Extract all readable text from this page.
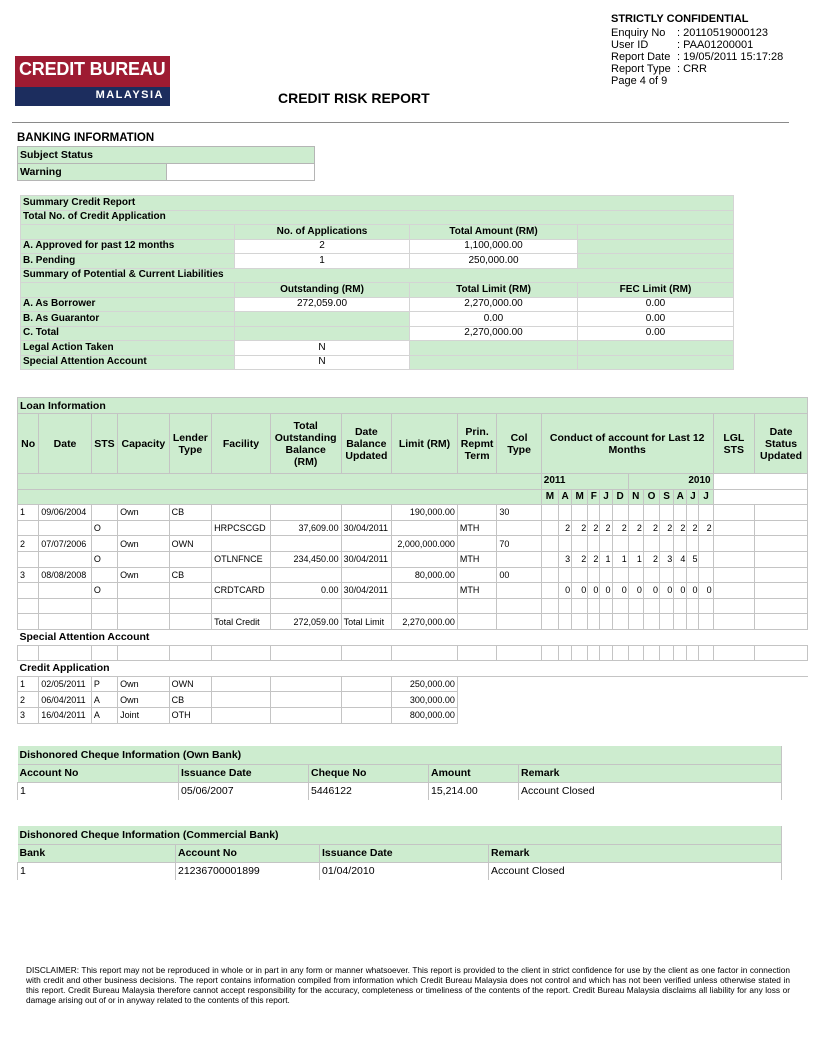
CREDIT BUREAU
MALAYSIA	CREDIT RISK REPORT
STRICTLY CONFIDENTIAL
Enquiry No	: 20110519000123
User ID	: PAA01200001
Report Date : 19/05/2011 15:17:28
Report Type : CRR
Page 4 of 9
BANKING INFORMATION
Subject Status
Warning	
Summary Credit Report			
Total No. of Credit Application			
	No. of Applications	Total Amount (RM)	
A. Approved for past 12 months	2	1,100,000.00	
B. Pending	1	250,000.00	
Summary of Potential & Current Liabilities			
	Outstanding (RM)	Total Limit (RM)	FEC Limit (RM)
A. As Borrower	272,059.00	2,270,000.00	0.00
B. As Guarantor		0.00	0.00
C. Total		2,270,000.00	0.00
Legal Action Taken	N		
Special Attention Account	N		
Loan Information																								
No	Date	STS	Capacity	Lender Type	Facility	Total Outstanding Balance (RM)	Date Balance Updated	Limit (RM)	Prin. Repmt Term	Col Type	Conduct of account for Last 12 Months												LGL STS	Date Status Updated
											2011						2010							
											M	A	M	F	J	D	N	O	S	A	J	J		
1	09/06/2004		Own	CB				190,000.00		30														
		O			HRPCSCGD	37,609.00	30/04/2011		MTH			2	2	2	2	2	2	2	2	2	2	2		
2	07/07/2006		Own	OWN				2,000,000.000		70														
		O			OTLNFNCE	234,450.00	30/04/2011		MTH			3	2	2	1	1	1	2	3	4	5			
3	08/08/2008		Own	CB				80,000.00		00														
		O			CRDTCARD	0.00	30/04/2011		MTH			0	0	0	0	0	0	0	0	0	0	0		

					Total Credit	272,059.00	Total Limit	2,270,000.00																
Special Attention Account																								

Credit Application																								
1	02/05/2011	P	Own	OWN				250,000.00																
2	06/04/2011	A	Own	CB				300,000.00																
3	16/04/2011	A	Joint	OTH				800,000.00																
Dishonored Cheque Information (Own Bank)				
Account No	Issuance Date	Cheque No	Amount	Remark
1	05/06/2007	5446122	15,214.00	Account Closed
Dishonored Cheque Information (Commercial Bank)			
Bank	Account No	Issuance Date	Remark
1	21236700001899	01/04/2010	Account Closed
DISCLAIMER: This report may not be reproduced in whole or in part in any form or manner whatsoever. This report is provided to the client in strict confidence for use by the client as one factor in connection with credit and other business decisions. The report contains information compiled from information which Credit Bureau Malaysia does not control and which has not been verified unless otherwise stated in this report. Credit Bureau Malaysia therefore cannot accept responsibility for the accuracy, completeness or timeliness of the contents of the report. Credit Bureau Malaysia disclaims all liability for any loss or damage arising out of or in anyway related to the contents of this report.
